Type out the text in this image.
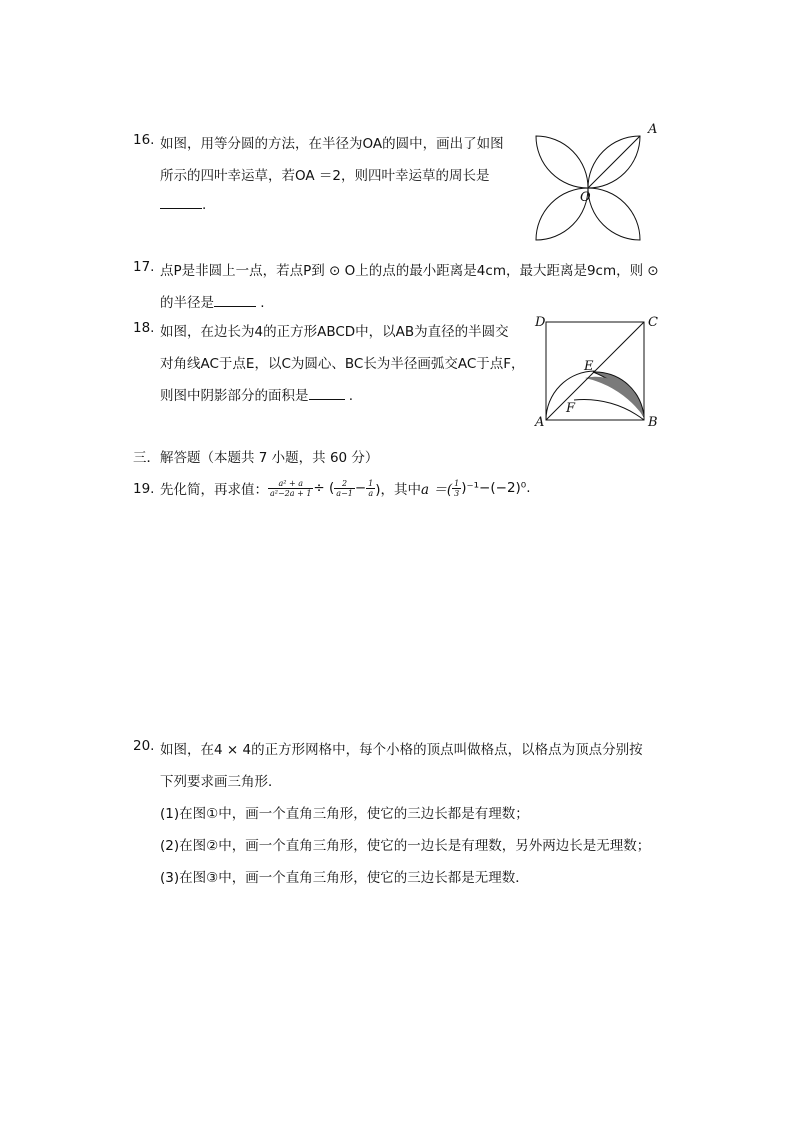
16. 如图，用等分圆的方法，在半径为OA的圆中，画出了如图
所示的四叶幸运草，若OA ＝2，则四叶幸运草的周长是
.
A
O
17. 点P是非圆上一点，若点P到 ⊙ O上的点的最小距离是4cm，最大距离是9cm，则 ⊙
的半径是	.
18. 如图，在边长为4的正方形ABCD中，以AB为直径的半圆交
对角线AC于点E，以C为圆心、BC长为半径画弧交AC于点F，
则图中阴影部分的面积是	.
A	B
C
D
E
F
三．解答题（本题共 7 小题，共 60 分）
19. 先化简，再求值： $\frac{\text{a² + a}}{\text{a²−2a + 1}}$ ÷ ( $\frac{2}{a-1} - \frac{1}{a}$ )，其中 a ＝( $\frac{1}{3} )^{-1}-(-2)^0$.
20. 如图，在4 × 4的正方形网格中，每个小格的顶点叫做格点，以格点为顶点分别按
下列要求画三角形．
(1)在图①中，画一个直角三角形，使它的三边长都是有理数；
(2)在图②中，画一个直角三角形，使它的一边长是有理数，另外两边长是无理数；
(3)在图③中，画一个直角三角形，使它的三边长都是无理数．
